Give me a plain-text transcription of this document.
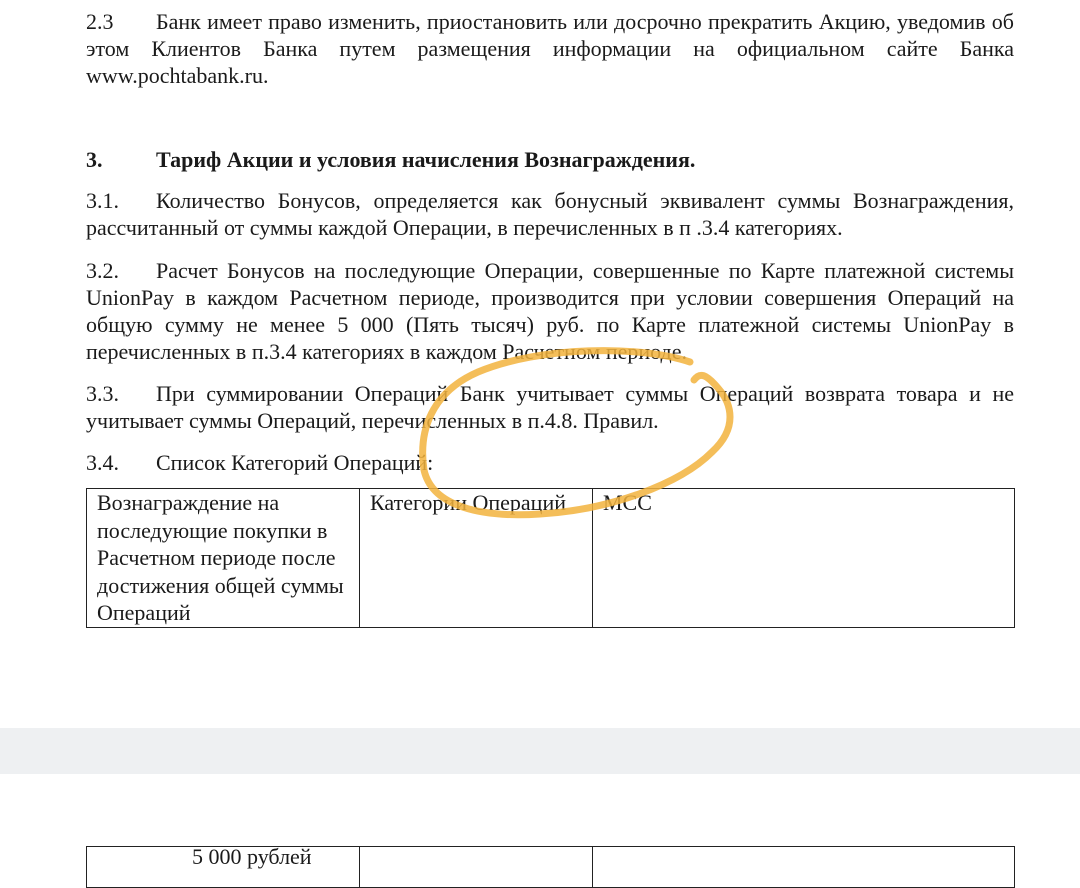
2.3 Банк имеет право изменить, приостановить или досрочно прекратить Акцию, уведомив об этом Клиентов Банка путем размещения информации на официальном сайте Банка www.pochtabank.ru.

3. Тариф Акции и условия начисления Вознаграждения.

3.1. Количество Бонусов, определяется как бонусный эквивалент суммы Вознаграждения, рассчитанный от суммы каждой Операции, в перечисленных в п .3.4 категориях.

3.2. Расчет Бонусов на последующие Операции, совершенные по Карте платежной системы UnionPay в каждом Расчетном периоде, производится при условии совершения Операций на общую сумму не менее 5 000 (Пять тысяч) руб. по Карте платежной системы UnionPay в перечисленных в п.3.4 категориях в каждом Расчетном периоде.

3.3. При суммировании Операций Банк учитывает суммы Операций возврата товара и не учитывает суммы Операций, перечисленных в п.4.8. Правил.

3.4. Список Категорий Операций:

Вознаграждение на последующие покупки в Расчетном периоде после достижения общей суммы Операций	Категории Операций	MCC
5 000 рублей
